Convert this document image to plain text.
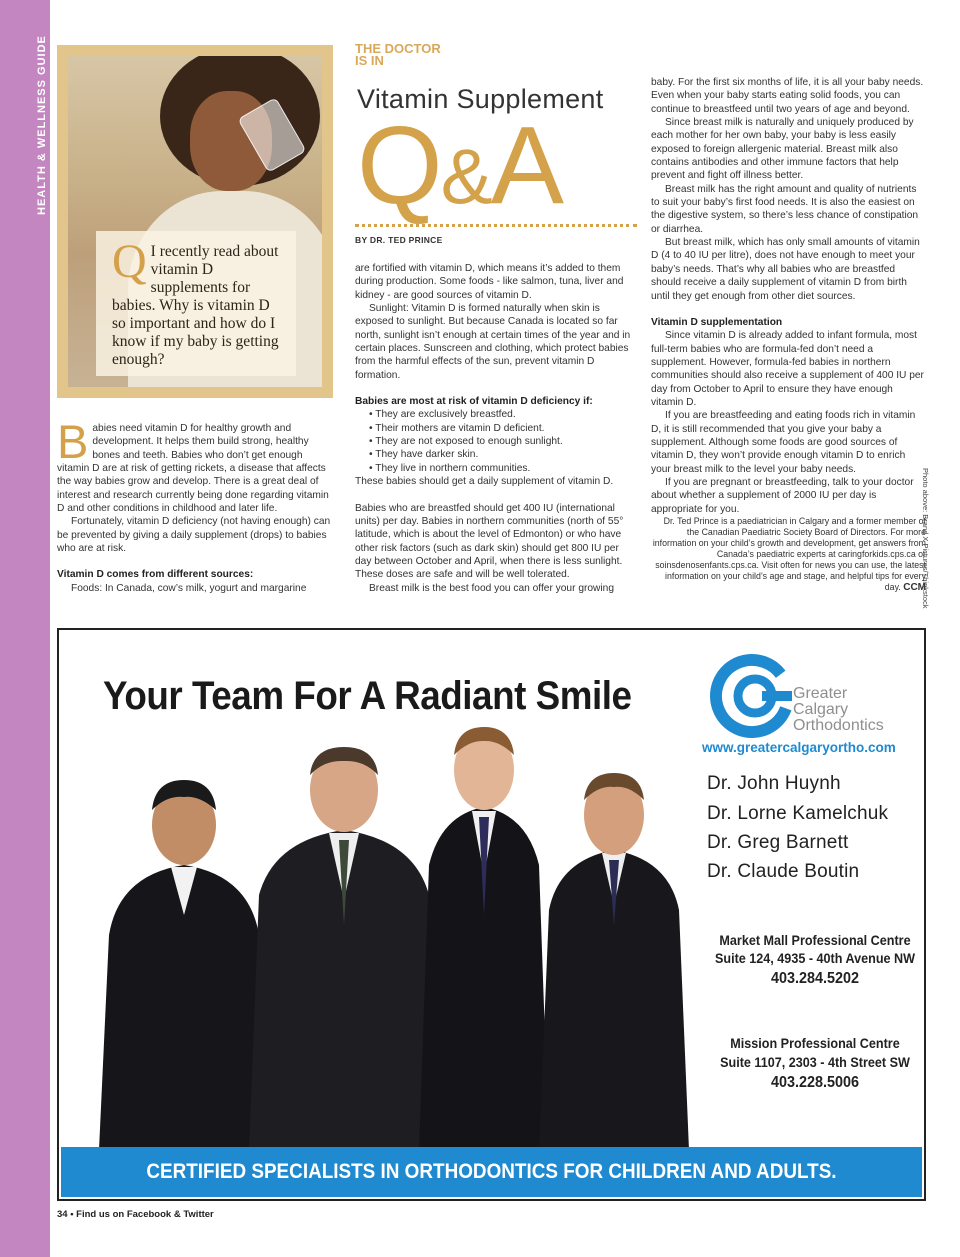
HEALTH & WELLNESS GUIDE
Q I recently read about vitamin D supplements for babies. Why is vitamin D so important and how do I know if my baby is getting enough?
THE DOCTOR
IS IN
Vitamin Supplement
Q&A
BY DR. TED PRINCE

Babies need vitamin D for healthy growth and development. It helps them build strong, healthy bones and teeth. Babies who don’t get enough vitamin D are at risk of getting rickets, a disease that affects the way babies grow and develop. There is a great deal of interest and research currently being done regarding vitamin D and other conditions in childhood and later life.

Fortunately, vitamin D deficiency (not having enough) can be prevented by giving a daily supplement (drops) to babies who are at risk.

Vitamin D comes from different sources:

Foods: In Canada, cow’s milk, yogurt and margarine

are fortified with vitamin D, which means it’s added to them during production. Some foods - like salmon, tuna, liver and kidney - are good sources of vitamin D.

Sunlight: Vitamin D is formed naturally when skin is exposed to sunlight. But because Canada is located so far north, sunlight isn’t enough at certain times of the year and in certain places. Sunscreen and clothing, which protect babies from the harmful effects of the sun, prevent vitamin D formation.

Babies are most at risk of vitamin D deficiency if:
• They are exclusively breastfed.
• Their mothers are vitamin D deficient.
• They are not exposed to enough sunlight.
• They have darker skin.
• They live in northern communities.

These babies should get a daily supplement of vitamin D.

Babies who are breastfed should get 400 IU (international units) per day. Babies in northern communities (north of 55° latitude, which is about the level of Edmonton) or who have other risk factors (such as dark skin) should get 800 IU per day between October and April, when there is less sunlight. These doses are safe and will be well tolerated.

Breast milk is the best food you can offer your growing

baby. For the first six months of life, it is all your baby needs. Even when your baby starts eating solid foods, you can continue to breastfeed until two years of age and beyond.

Since breast milk is naturally and uniquely produced by each mother for her own baby, your baby is less easily exposed to foreign allergenic material. Breast milk also contains antibodies and other immune factors that help prevent and fight off illness better.

Breast milk has the right amount and quality of nutrients to suit your baby’s first food needs. It is also the easiest on the digestive system, so there’s less chance of constipation or diarrhea.

But breast milk, which has only small amounts of vitamin D (4 to 40 IU per litre), does not have enough to meet your baby’s needs. That’s why all babies who are breastfed should receive a daily supplement of vitamin D from birth until they get enough from other diet sources.

Vitamin D supplementation

Since vitamin D is already added to infant formula, most full-term babies who are formula-fed don’t need a supplement. However, formula-fed babies in northern communities should also receive a supplement of 400 IU per day from October to April to ensure they have enough vitamin D.

If you are breastfeeding and eating foods rich in vitamin D, it is still recommended that you give your baby a supplement. Although some foods are good sources of vitamin D, they won’t provide enough vitamin D to enrich your breast milk to the level your baby needs.

If you are pregnant or breastfeeding, talk to your doctor about whether a supplement of 2000 IU per day is appropriate for you.

Dr. Ted Prince is a paediatrician in Calgary and a former member of the Canadian Paediatric Society Board of Directors. For more information on your child’s growth and development, get answers from Canada’s paediatric experts at caringforkids.cps.ca or soinsdenosenfants.cps.ca. Visit often for news you can use, the latest information on your child’s age and stage, and helpful tips for every day. CCM

Photo above: Brand X Pictures/Thinkstock
Your Team For A Radiant Smile	Greater
Calgary
Orthodontics
www.greatercalgaryortho.com
Dr. John Huynh
Dr. Lorne Kamelchuk
Dr. Greg Barnett
Dr. Claude Boutin
Market Mall Professional Centre
Suite 124, 4935 - 40th Avenue NW
403.284.5202
Mission Professional Centre
Suite 1107, 2303 - 4th Street SW
403.228.5006
CERTIFIED SPECIALISTS IN ORTHODONTICS FOR CHILDREN AND ADULTS.
34 • Find us on Facebook & Twitter
